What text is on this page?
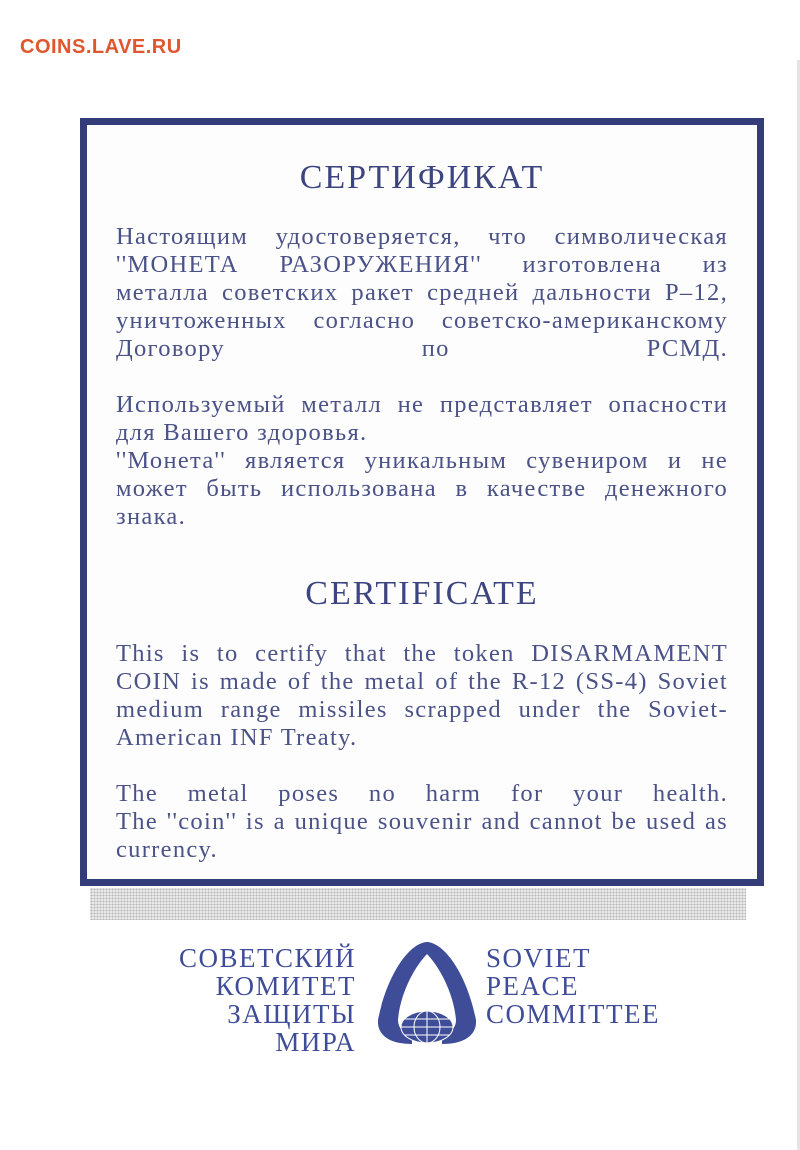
COINS.LAVE.RU
СЕРТИФИКАТ

Настоящим удостоверяется, что символическая ''МОНЕТА РАЗОРУЖЕНИЯ'' изготовлена из металла советских ракет средней дальности Р–12, уничтоженных согласно советско-американскому Договору по РСМД.

Используемый металл не представляет опасности для Вашего здоровья.

''Монета'' является уникальным сувениром и не может быть использована в качестве денежного знака.

CERTIFICATE

This is to certify that the token DISARMAMENT COIN is made of the metal of the R-12 (SS-4) Soviet medium range missiles scrapped under the Soviet-American INF Treaty.

The metal poses no harm for your health.

The ''coin'' is a unique souvenir and cannot be used as currency.

СОВЕТСКИЙ
КОМИТЕТ
ЗАЩИТЫ
МИРА
SOVIET
PEACE
COMMITTEE
